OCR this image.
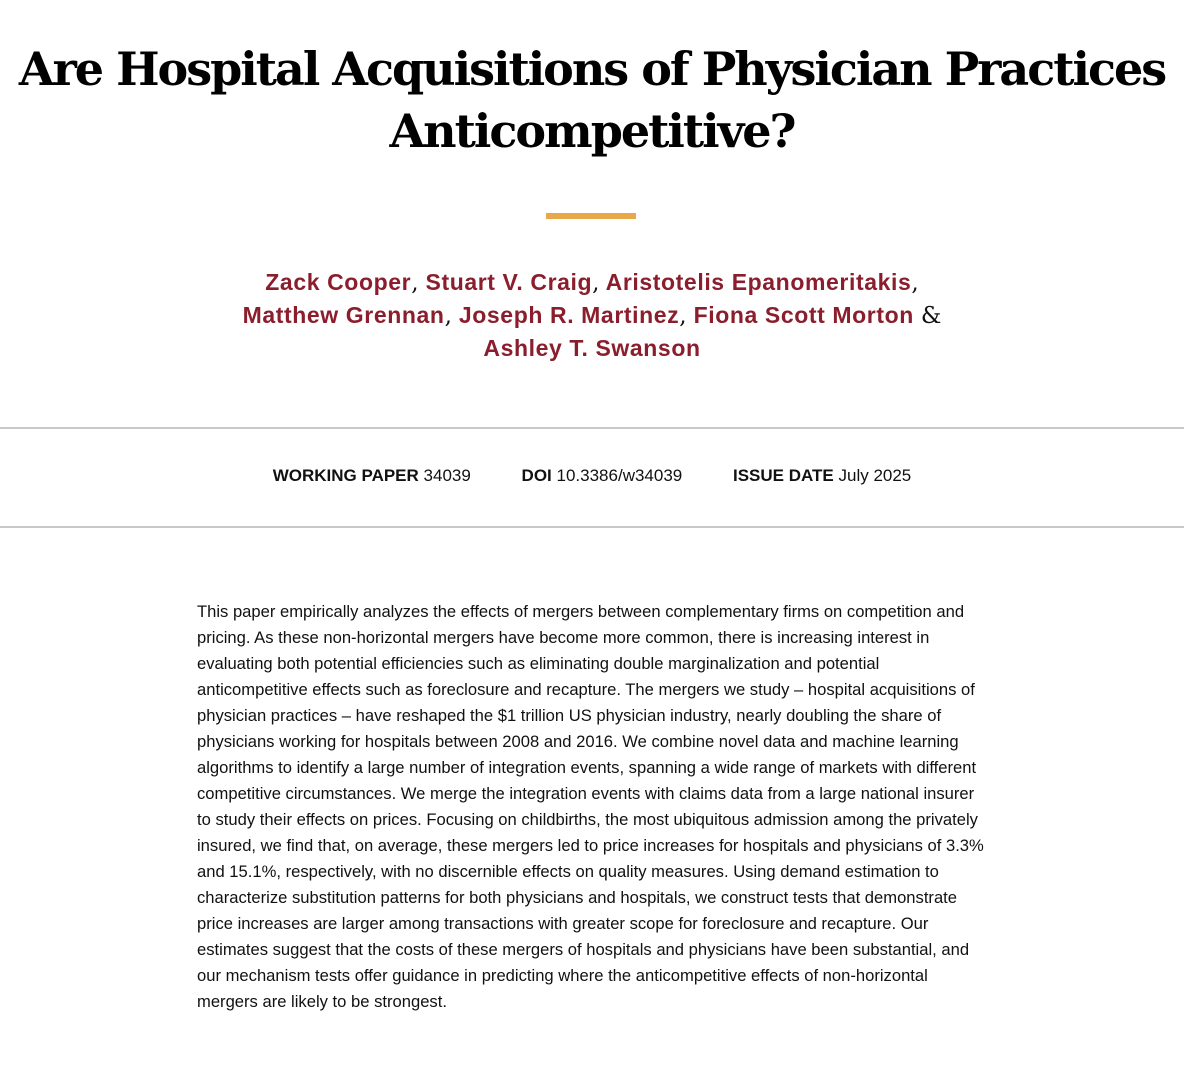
Are Hospital Acquisitions of Physician Practices
Anticompetitive?
Zack Cooper, Stuart V. Craig, Aristotelis Epanomeritakis,
Matthew Grennan, Joseph R. Martinez, Fiona Scott Morton &
Ashley T. Swanson
WORKING PAPER 34039	DOI 10.3386/w34039	ISSUE DATE July 2025

This paper empirically analyzes the effects of mergers between complementary firms on competition and pricing. As these non-horizontal mergers have become more common, there is increasing interest in evaluating both potential efficiencies such as eliminating double marginalization and potential anticompetitive effects such as foreclosure and recapture. The mergers we study – hospital acquisitions of physician practices – have reshaped the $1 trillion US physician industry, nearly doubling the share of physicians working for hospitals between 2008 and 2016. We combine novel data and machine learning algorithms to identify a large number of integration events, spanning a wide range of markets with different competitive circumstances. We merge the integration events with claims data from a large national insurer to study their effects on prices. Focusing on childbirths, the most ubiquitous admission among the privately insured, we find that, on average, these mergers led to price increases for hospitals and physicians of 3.3% and 15.1%, respectively, with no discernible effects on quality measures. Using demand estimation to characterize substitution patterns for both physicians and hospitals, we construct tests that demonstrate price increases are larger among transactions with greater scope for foreclosure and recapture. Our estimates suggest that the costs of these mergers of hospitals and physicians have been substantial, and our mechanism tests offer guidance in predicting where the anticompetitive effects of non-horizontal mergers are likely to be strongest.
